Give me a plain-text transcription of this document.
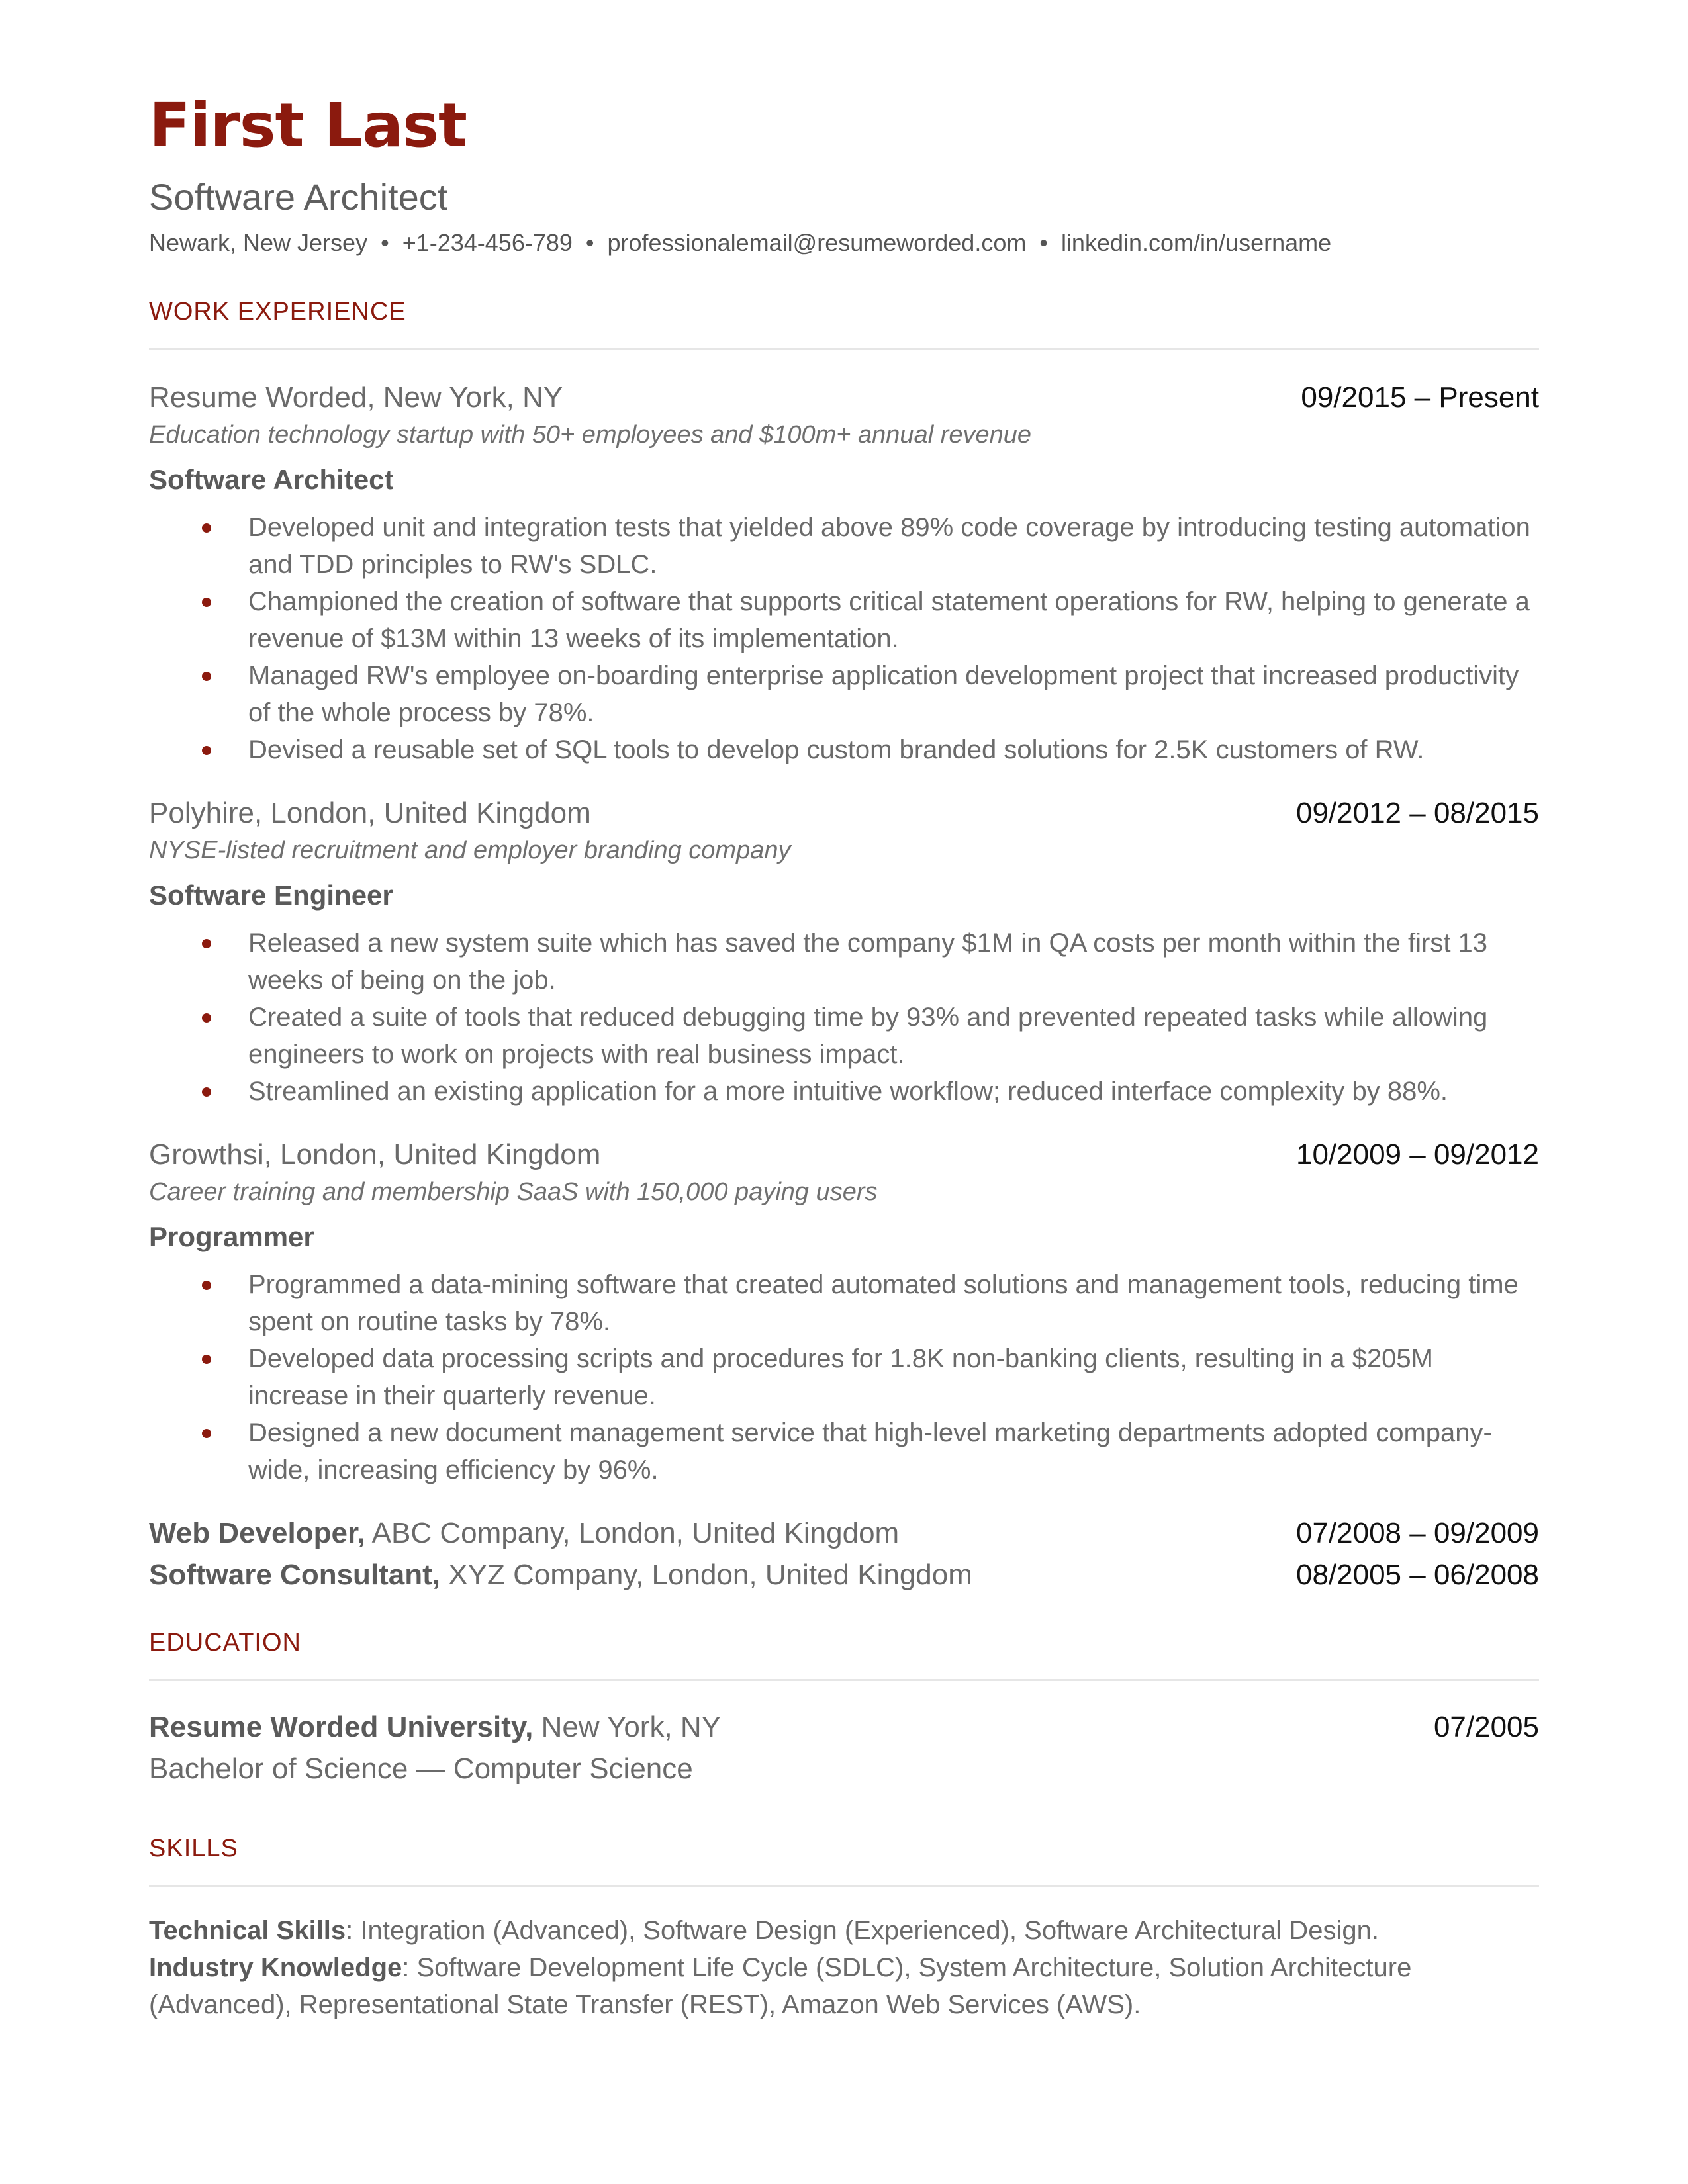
First Last
Software Architect
Newark, New Jersey • +1-234-456-789 • professionalemail@resumeworded.com • linkedin.com/in/username
WORK EXPERIENCE
Resume Worded, New York, NY	09/2015 – Present
Education technology startup with 50+ employees and $100m+ annual revenue
Software Architect
Developed unit and integration tests that yielded above 89% code coverage by introducing testing automation and TDD principles to RW's SDLC.
Championed the creation of software that supports critical statement operations for RW, helping to generate a revenue of $13M within 13 weeks of its implementation.
Managed RW's employee on-boarding enterprise application development project that increased productivity of the whole process by 78%.
Devised a reusable set of SQL tools to develop custom branded solutions for 2.5K customers of RW.
Polyhire, London, United Kingdom	09/2012 – 08/2015
NYSE-listed recruitment and employer branding company
Software Engineer
Released a new system suite which has saved the company $1M in QA costs per month within the first 13 weeks of being on the job.
Created a suite of tools that reduced debugging time by 93% and prevented repeated tasks while allowing engineers to work on projects with real business impact.
Streamlined an existing application for a more intuitive workflow; reduced interface complexity by 88%.
Growthsi, London, United Kingdom	10/2009 – 09/2012
Career training and membership SaaS with 150,000 paying users
Programmer
Programmed a data-mining software that created automated solutions and management tools, reducing time spent on routine tasks by 78%.
Developed data processing scripts and procedures for 1.8K non-banking clients, resulting in a $205M increase in their quarterly revenue.
Designed a new document management service that high-level marketing departments adopted company-wide, increasing efficiency by 96%.
Web Developer, ABC Company, London, United Kingdom	07/2008 – 09/2009
Software Consultant, XYZ Company, London, United Kingdom	08/2005 – 06/2008
EDUCATION
Resume Worded University, New York, NY	07/2005
Bachelor of Science — Computer Science
SKILLS
Technical Skills: Integration (Advanced), Software Design (Experienced), Software Architectural Design.
Industry Knowledge: Software Development Life Cycle (SDLC), System Architecture, Solution Architecture (Advanced), Representational State Transfer (REST), Amazon Web Services (AWS).
